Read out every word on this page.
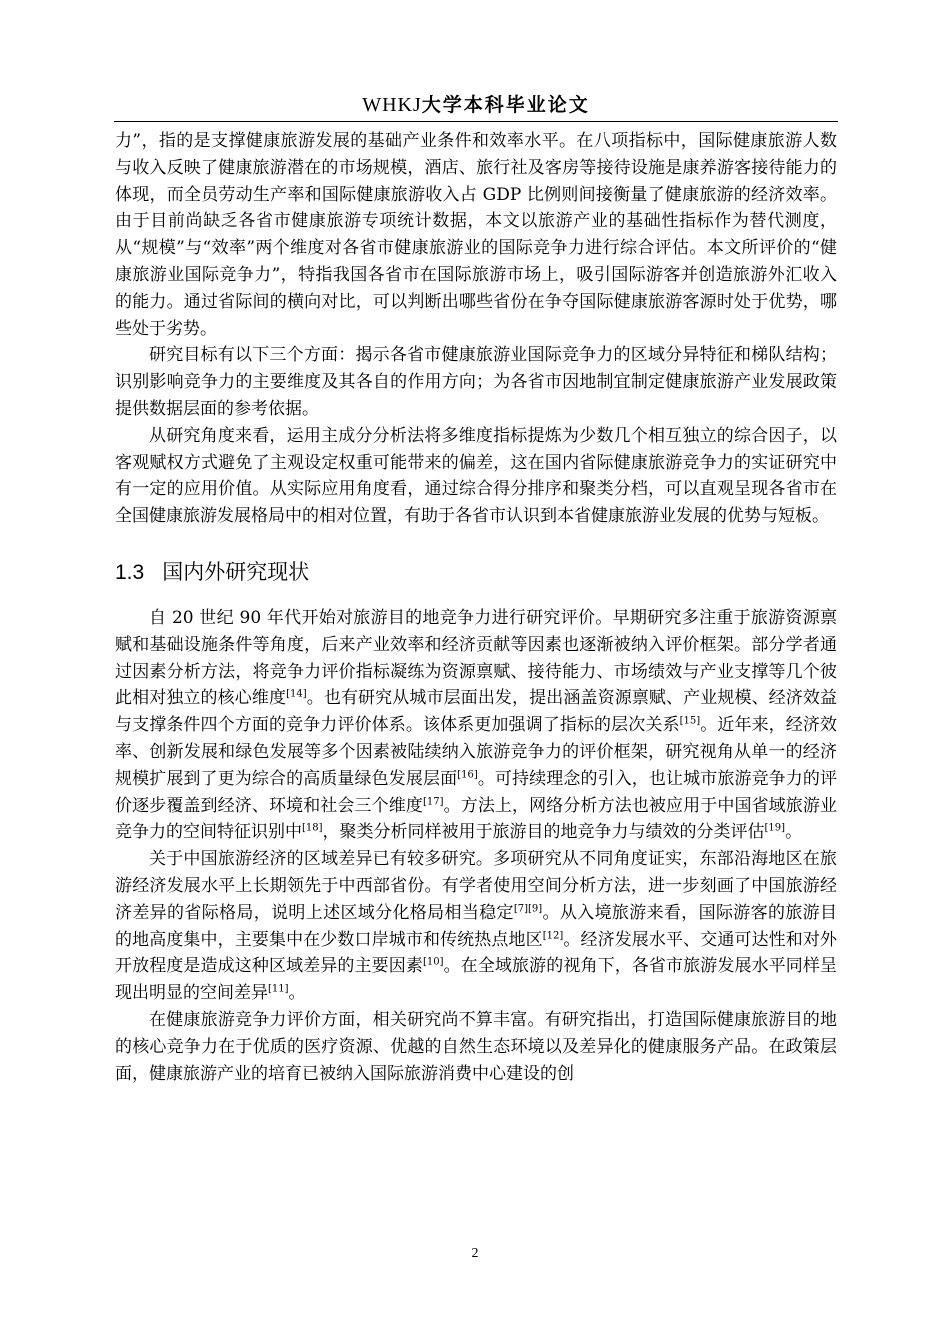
WHKJ大学本科毕业论文

力”，指的是支撑健康旅游发展的基础产业条件和效率水平。在八项指标中，国际健康旅游人数与收入反映了健康旅游潜在的市场规模，酒店、旅行社及客房等接待设施是康养游客接待能力的体现，而全员劳动生产率和国际健康旅游收入占 GDP 比例则间接衡量了健康旅游的经济效率。由于目前尚缺乏各省市健康旅游专项统计数据，本文以旅游产业的基础性指标作为替代测度，从“规模”与“效率”两个维度对各省市健康旅游业的国际竞争力进行综合评估。本文所评价的“健康旅游业国际竞争力”，特指我国各省市在国际旅游市场上，吸引国际游客并创造旅游外汇收入的能力。通过省际间的横向对比，可以判断出哪些省份在争夺国际健康旅游客源时处于优势，哪些处于劣势。

研究目标有以下三个方面：揭示各省市健康旅游业国际竞争力的区域分异特征和梯队结构；识别影响竞争力的主要维度及其各自的作用方向；为各省市因地制宜制定健康旅游产业发展政策提供数据层面的参考依据。

从研究角度来看，运用主成分分析法将多维度指标提炼为少数几个相互独立的综合因子，以客观赋权方式避免了主观设定权重可能带来的偏差，这在国内省际健康旅游竞争力的实证研究中有一定的应用价值。从实际应用角度看，通过综合得分排序和聚类分档，可以直观呈现各省市在全国健康旅游发展格局中的相对位置，有助于各省市认识到本省健康旅游业发展的优势与短板。

1.3 国内外研究现状

自 20 世纪 90 年代开始对旅游目的地竞争力进行研究评价。早期研究多注重于旅游资源禀赋和基础设施条件等角度，后来产业效率和经济贡献等因素也逐渐被纳入评价框架。部分学者通过因素分析方法，将竞争力评价指标凝练为资源禀赋、接待能力、市场绩效与产业支撑等几个彼此相对独立的核心维度[14]。也有研究从城市层面出发，提出涵盖资源禀赋、产业规模、经济效益与支撑条件四个方面的竞争力评价体系。该体系更加强调了指标的层次关系[15]。近年来，经济效率、创新发展和绿色发展等多个因素被陆续纳入旅游竞争力的评价框架，研究视角从单一的经济规模扩展到了更为综合的高质量绿色发展层面[16]。可持续理念的引入，也让城市旅游竞争力的评价逐步覆盖到经济、环境和社会三个维度[17]。方法上，网络分析方法也被应用于中国省域旅游业竞争力的空间特征识别中[18]，聚类分析同样被用于旅游目的地竞争力与绩效的分类评估[19]。

关于中国旅游经济的区域差异已有较多研究。多项研究从不同角度证实，东部沿海地区在旅游经济发展水平上长期领先于中西部省份。有学者使用空间分析方法，进一步刻画了中国旅游经济差异的省际格局，说明上述区域分化格局相当稳定[7][9]。从入境旅游来看，国际游客的旅游目的地高度集中，主要集中在少数口岸城市和传统热点地区[12]。经济发展水平、交通可达性和对外开放程度是造成这种区域差异的主要因素[10]。在全域旅游的视角下，各省市旅游发展水平同样呈现出明显的空间差异[11]。

在健康旅游竞争力评价方面，相关研究尚不算丰富。有研究指出，打造国际健康旅游目的地的核心竞争力在于优质的医疗资源、优越的自然生态环境以及差异化的健康服务产品。在政策层面，健康旅游产业的培育已被纳入国际旅游消费中心建设的创

2
